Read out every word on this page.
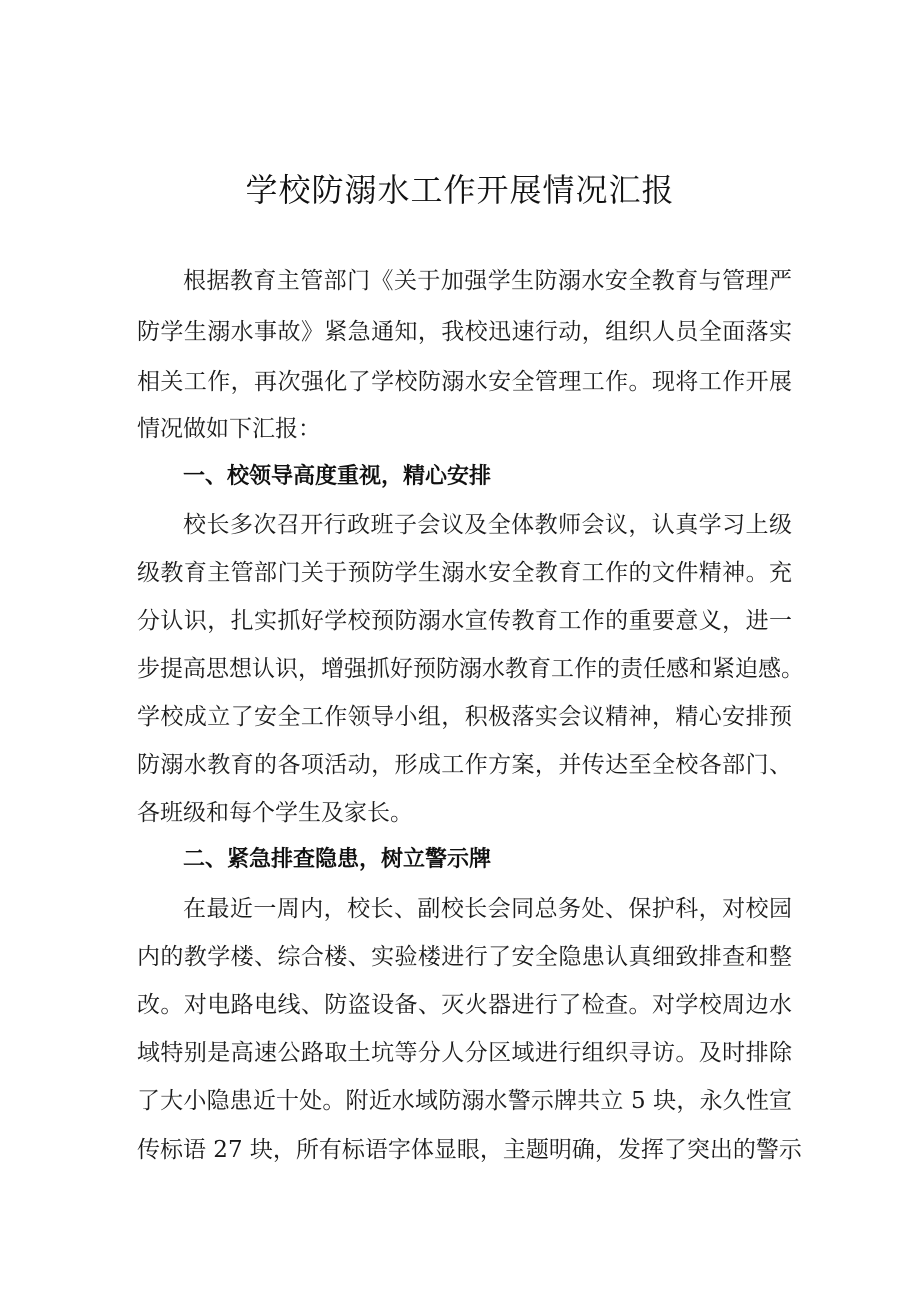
学校防溺水工作开展情况汇报
根据教育主管部门《关于加强学生防溺水安全教育与管理严
防学生溺水事故》紧急通知，我校迅速行动，组织人员全面落实
相关工作，再次强化了学校防溺水安全管理工作。现将工作开展
情况做如下汇报：
一、校领导高度重视，精心安排
校长多次召开行政班子会议及全体教师会议，认真学习上级
级教育主管部门关于预防学生溺水安全教育工作的文件精神。充
分认识，扎实抓好学校预防溺水宣传教育工作的重要意义，进一
步提高思想认识，增强抓好预防溺水教育工作的责任感和紧迫感。
学校成立了安全工作领导小组，积极落实会议精神，精心安排预
防溺水教育的各项活动，形成工作方案，并传达至全校各部门、
各班级和每个学生及家长。
二、紧急排查隐患，树立警示牌
在最近一周内，校长、副校长会同总务处、保护科，对校园
内的教学楼、综合楼、实验楼进行了安全隐患认真细致排查和整
改。对电路电线、防盗设备、灭火器进行了检查。对学校周边水
域特别是高速公路取土坑等分人分区域进行组织寻访。及时排除
了大小隐患近十处。附近水域防溺水警示牌共立 5 块，永久性宣
传标语 27 块，所有标语字体显眼，主题明确，发挥了突出的警示
